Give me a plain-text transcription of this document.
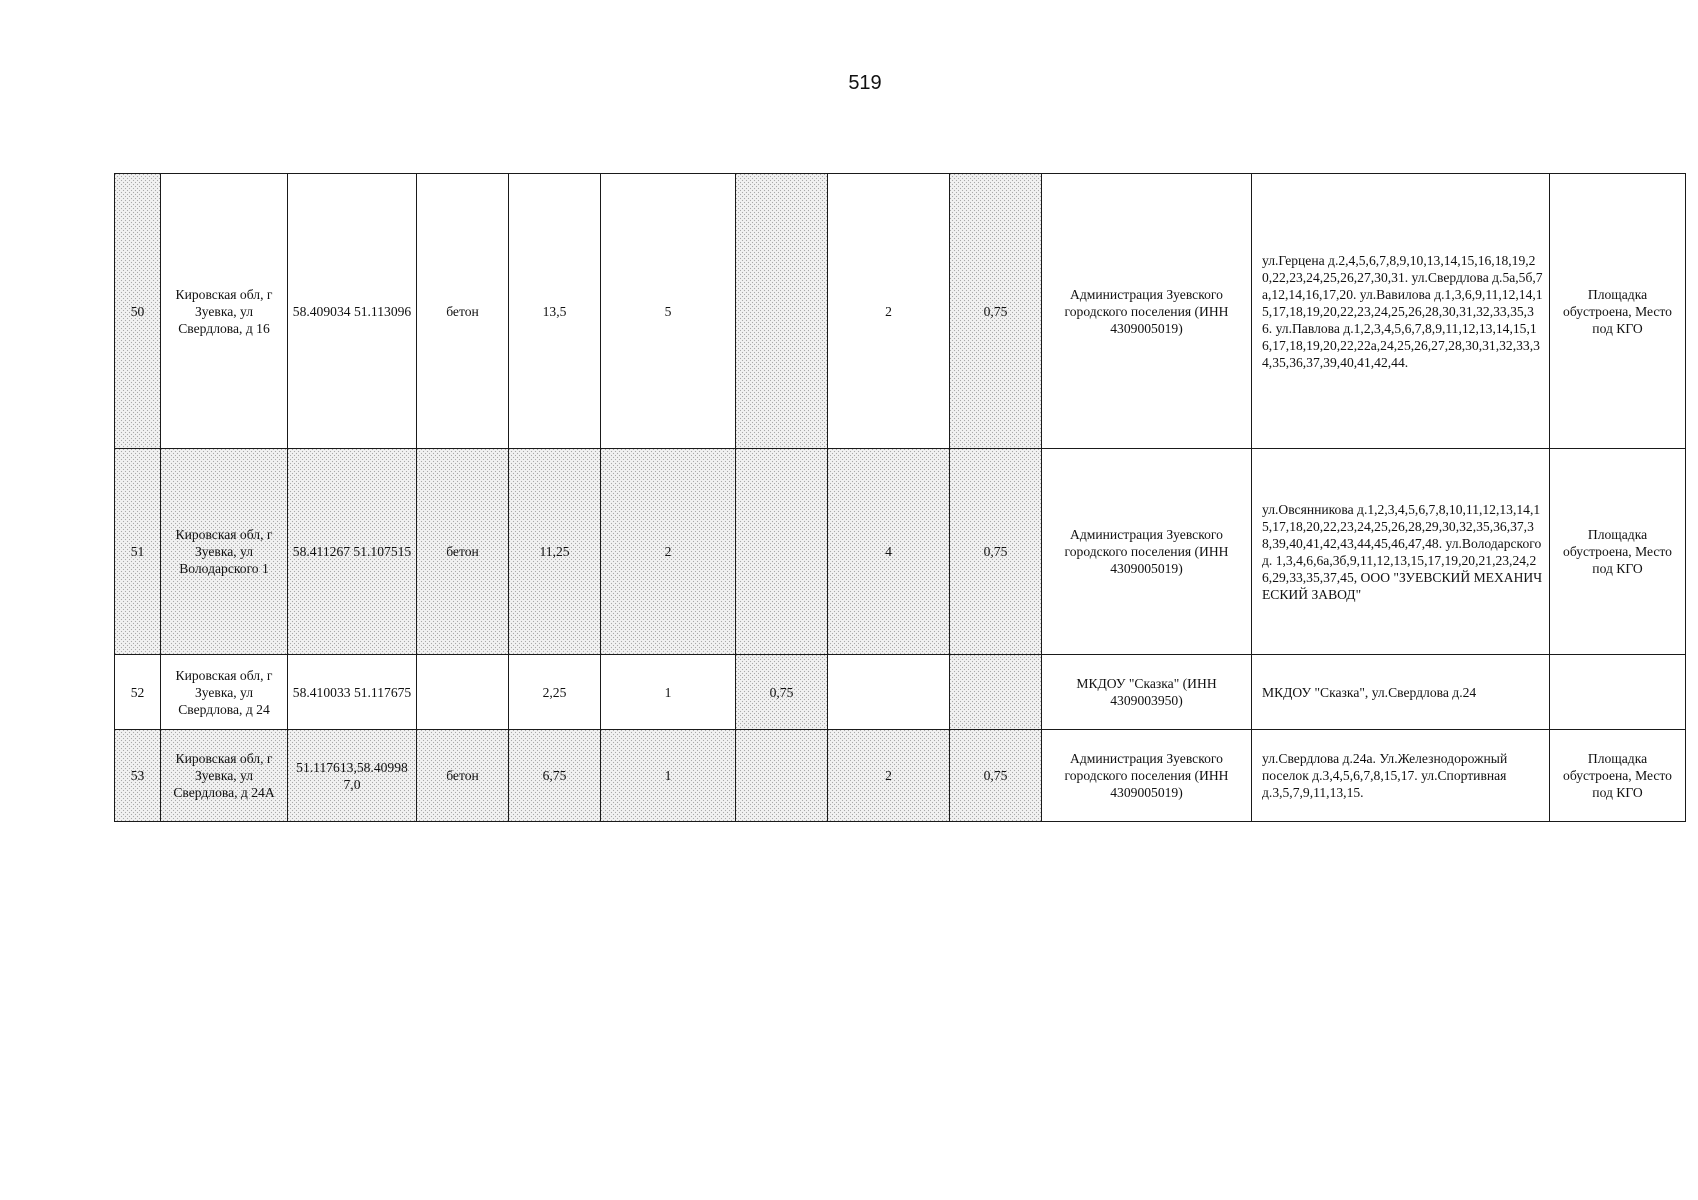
519
50	Кировская обл, г Зуевка, ул Свердлова, д 16	58.409034 51.113096	бетон	13,5	5		2	0,75	Администрация Зуевского городского поселения (ИНН 4309005019)	ул.Герцена д.2,4,5,6,7,8,9,10,13,14,15,16,18,19,20,22,23,24,25,26,27,30,31. ул.Свердлова д.5а,5б,7а,12,14,16,17,20. ул.Вавилова д.1,3,6,9,11,12,14,15,17,18,19,20,22,23,24,25,26,28,30,31,32,33,35,36. ул.Павлова д.1,2,3,4,5,6,7,8,9,11,12,13,14,15,16,17,18,19,20,22,22а,24,25,26,27,28,30,31,32,33,34,35,36,37,39,40,41,42,44.	Площадка обустроена, Место под КГО
51	Кировская обл, г Зуевка, ул Володарского 1	58.411267 51.107515	бетон	11,25	2		4	0,75	Администрация Зуевского городского поселения (ИНН 4309005019)	ул.Овсянникова д.1,2,3,4,5,6,7,8,10,11,12,13,14,15,17,18,20,22,23,24,25,26,28,29,30,32,35,36,37,38,39,40,41,42,43,44,45,46,47,48. ул.Володарского д. 1,3,4,6,6а,3б,9,11,12,13,15,17,19,20,21,23,24,26,29,33,35,37,45, ООО "ЗУЕВСКИЙ МЕХАНИЧЕСКИЙ ЗАВОД"	Площадка обустроена, Место под КГО
52	Кировская обл, г Зуевка, ул Свердлова, д 24	58.410033 51.117675		2,25	1	0,75			МКДОУ "Сказка" (ИНН 4309003950)	МКДОУ "Сказка", ул.Свердлова д.24	
53	Кировская обл, г Зуевка, ул Свердлова, д 24А	51.117613,58.409987,0	бетон	6,75	1		2	0,75	Администрация Зуевского городского поселения (ИНН 4309005019)	ул.Свердлова д.24а. Ул.Железнодорожный поселок д.3,4,5,6,7,8,15,17. ул.Спортивная д.3,5,7,9,11,13,15.	Площадка обустроена, Место под КГО
